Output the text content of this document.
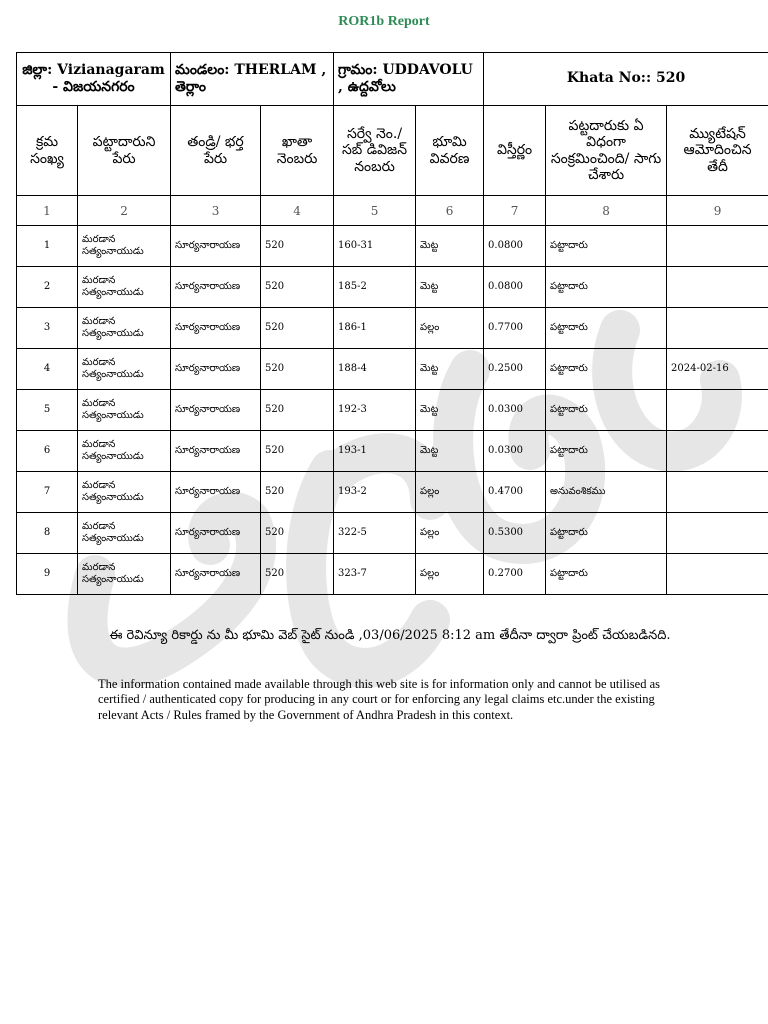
ROR1b Report
జిల్లా: Vizianagaram - విజయనగరం		మండలం: THERLAM , తెర్లాం		గ్రామం: UDDAVOLU , ఉద్దవోలు		Khata No:: 520		
క్రమ సంఖ్య	పట్టాదారుని పేరు	తండ్రి/ భర్త పేరు	ఖాతా నెంబరు	సర్వే నెం./ సబ్ డివిజన్ నంబరు	భూమి వివరణ	విస్తీర్ణం	పట్టదారుకు ఏ విధంగా సంక్రమించింది/ సాగు చేశారు	మ్యుటేషన్ ఆమోదించిన తేదీ
1	2	3	4	5	6	7	8	9
1	మరడాన సత్యంనాయుడు	సూర్యనారాయణ	520	160-31	మెట్ట	0.0800	పట్టాదారు	
2	మరడాన సత్యంనాయుడు	సూర్యనారాయణ	520	185-2	మెట్ట	0.0800	పట్టాదారు	
3	మరడాన సత్యంనాయుడు	సూర్యనారాయణ	520	186-1	పల్లం	0.7700	పట్టాదారు	
4	మరడాన సత్యంనాయుడు	సూర్యనారాయణ	520	188-4	మెట్ట	0.2500	పట్టాదారు	2024-02-16
5	మరడాన సత్యంనాయుడు	సూర్యనారాయణ	520	192-3	మెట్ట	0.0300	పట్టాదారు	
6	మరడాన సత్యంనాయుడు	సూర్యనారాయణ	520	193-1	మెట్ట	0.0300	పట్టాదారు	
7	మరడాన సత్యంనాయుడు	సూర్యనారాయణ	520	193-2	పల్లం	0.4700	అనువంశికము	
8	మరడాన సత్యంనాయుడు	సూర్యనారాయణ	520	322-5	పల్లం	0.5300	పట్టాదారు	
9	మరడాన సత్యంనాయుడు	సూర్యనారాయణ	520	323-7	పల్లం	0.2700	పట్టాదారు	
ఈ రెవిన్యూ రికార్డు ను మీ భూమి వెబ్ సైట్ నుండి ,03/06/2025 8:12 am తేదీనా ద్వారా ప్రింట్ చేయబడినది.
The information contained made available through this web site is for information only and cannot be utilised as certified / authenticated copy for producing in any court or for enforcing any legal claims etc.under the existing relevant Acts / Rules framed by the Government of Andhra Pradesh in this context.
